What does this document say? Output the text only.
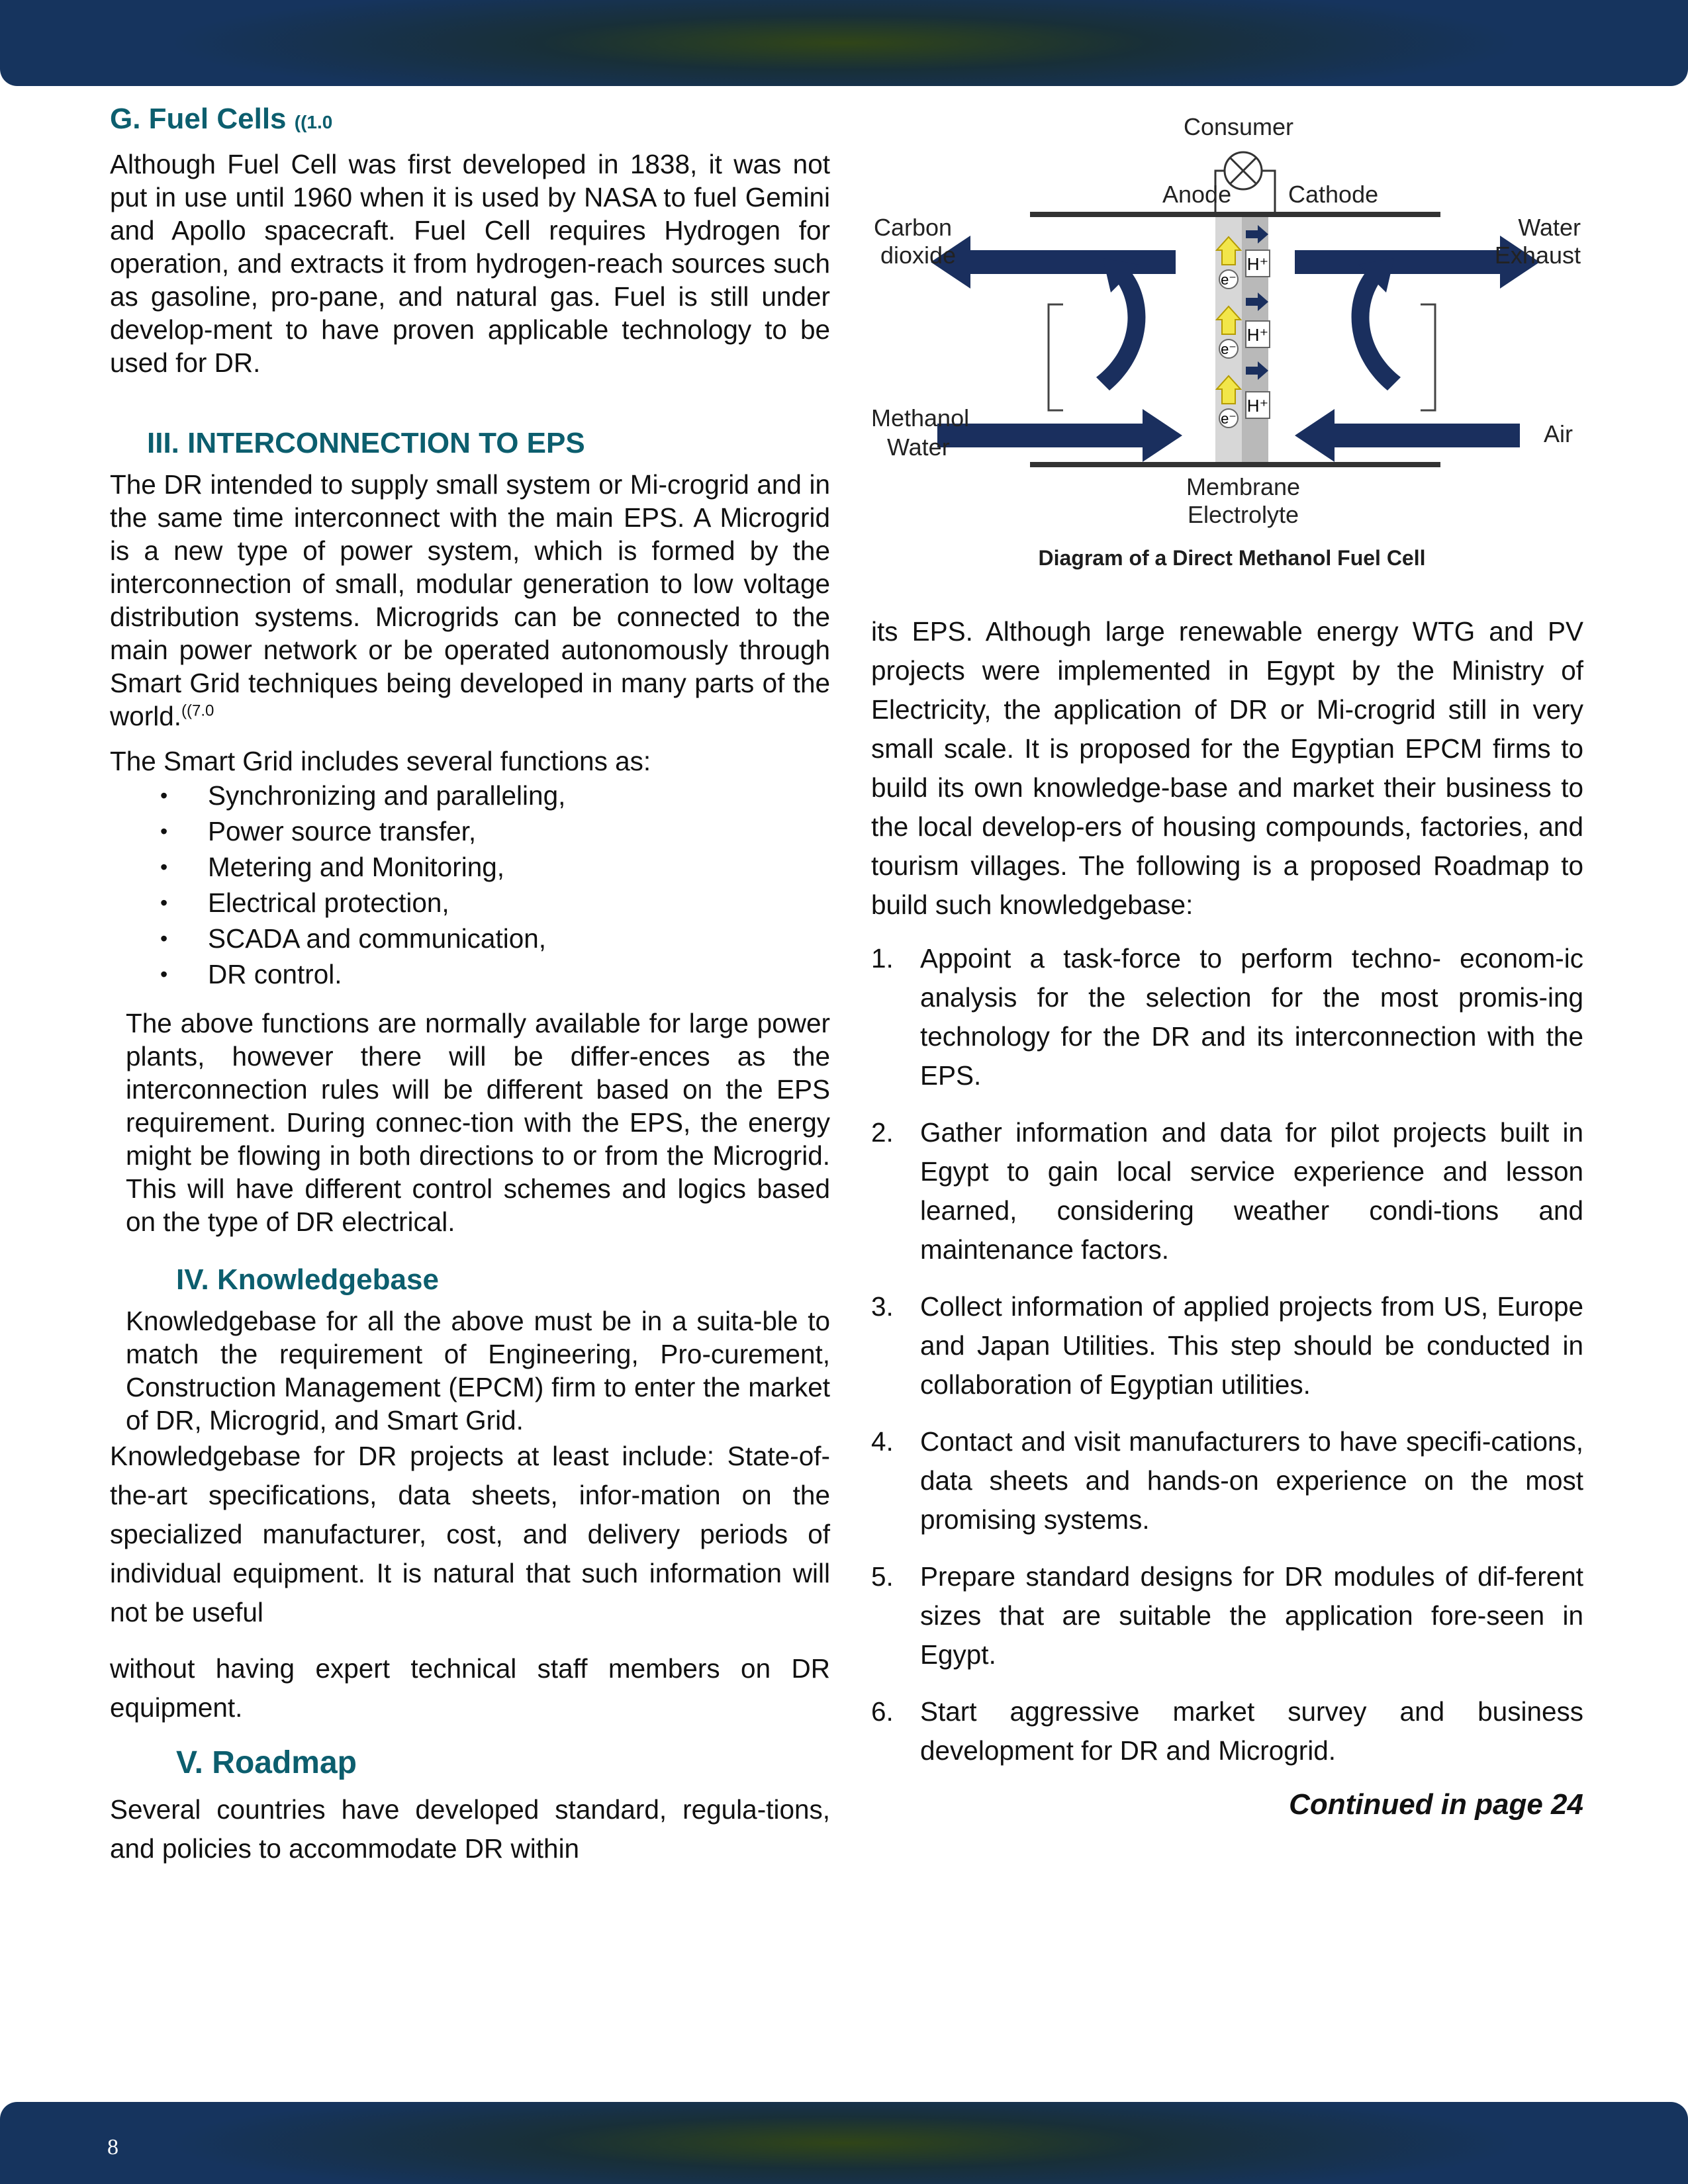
G. Fuel Cells ((1.0

Although Fuel Cell was first developed in 1838, it was not put in use until 1960 when it is used by NASA to fuel Gemini and Apollo spacecraft. Fuel Cell requires Hydrogen for operation, and extracts it from hydrogen-reach sources such as gasoline, pro-pane, and natural gas. Fuel is still under develop-ment to have proven applicable technology to be used for DR.

III. INTERCONNECTION TO EPS

The DR intended to supply small system or Mi-crogrid and in the same time interconnect with the main EPS. A Microgrid is a new type of power system, which is formed by the interconnection of small, modular generation to low voltage distribution systems. Microgrids can be connected to the main power network or be operated autonomously through Smart Grid techniques being developed in many parts of the world.$^{((7.0}$

The Smart Grid includes several functions as:

• Synchronizing and paralleling,
• Power source transfer,
• Metering and Monitoring,
• Electrical protection,
• SCADA and communication,
• DR control.

The above functions are normally available for large power plants, however there will be differ-ences as the interconnection rules will be different based on the EPS requirement. During connec-tion with the EPS, the energy might be flowing in both directions to or from the Microgrid. This will have different control schemes and logics based on the type of DR electrical.

IV. Knowledgebase

Knowledgebase for all the above must be in a suita-ble to match the requirement of Engineering, Pro-curement, Construction Management (EPCM) firm to enter the market of DR, Microgrid, and Smart Grid.

Knowledgebase for DR projects at least include: State-of-the-art specifications, data sheets, infor-mation on the specialized manufacturer, cost, and delivery periods of individual equipment. It is natural that such information will not be useful

without having expert technical staff members on DR equipment.

V. Roadmap

Several countries have developed standard, regula-tions, and policies to accommodate DR within

Consumer
Anode Cathode
e⁻
e⁻
e⁻
H⁺
H⁺
H⁺
Carbon
dioxide
Water
Exhaust
Methanol
Water	Air
Membrane
Electrolyte
Diagram of a Direct Methanol Fuel Cell

its EPS. Although large renewable energy WTG and PV projects were implemented in Egypt by the Ministry of Electricity, the application of DR or Mi-crogrid still in very small scale. It is proposed for the Egyptian EPCM firms to build its own knowledge-base and market their business to the local develop-ers of housing compounds, factories, and tourism villages. The following is a proposed Roadmap to build such knowledgebase:

1. Appoint a task-force to perform techno- econom-ic analysis for the selection for the most promis-ing technology for the DR and its interconnection with the EPS.
2. Gather information and data for pilot projects built in Egypt to gain local service experience and lesson learned, considering weather condi-tions and maintenance factors.
3. Collect information of applied projects from US, Europe and Japan Utilities. This step should be conducted in collaboration of Egyptian utilities.
4. Contact and visit manufacturers to have specifi-cations, data sheets and hands-on experience on the most promising systems.
5. Prepare standard designs for DR modules of dif-ferent sizes that are suitable the application fore-seen in Egypt.
6. Start aggressive market survey and business development for DR and Microgrid.
Continued in page 24
8
